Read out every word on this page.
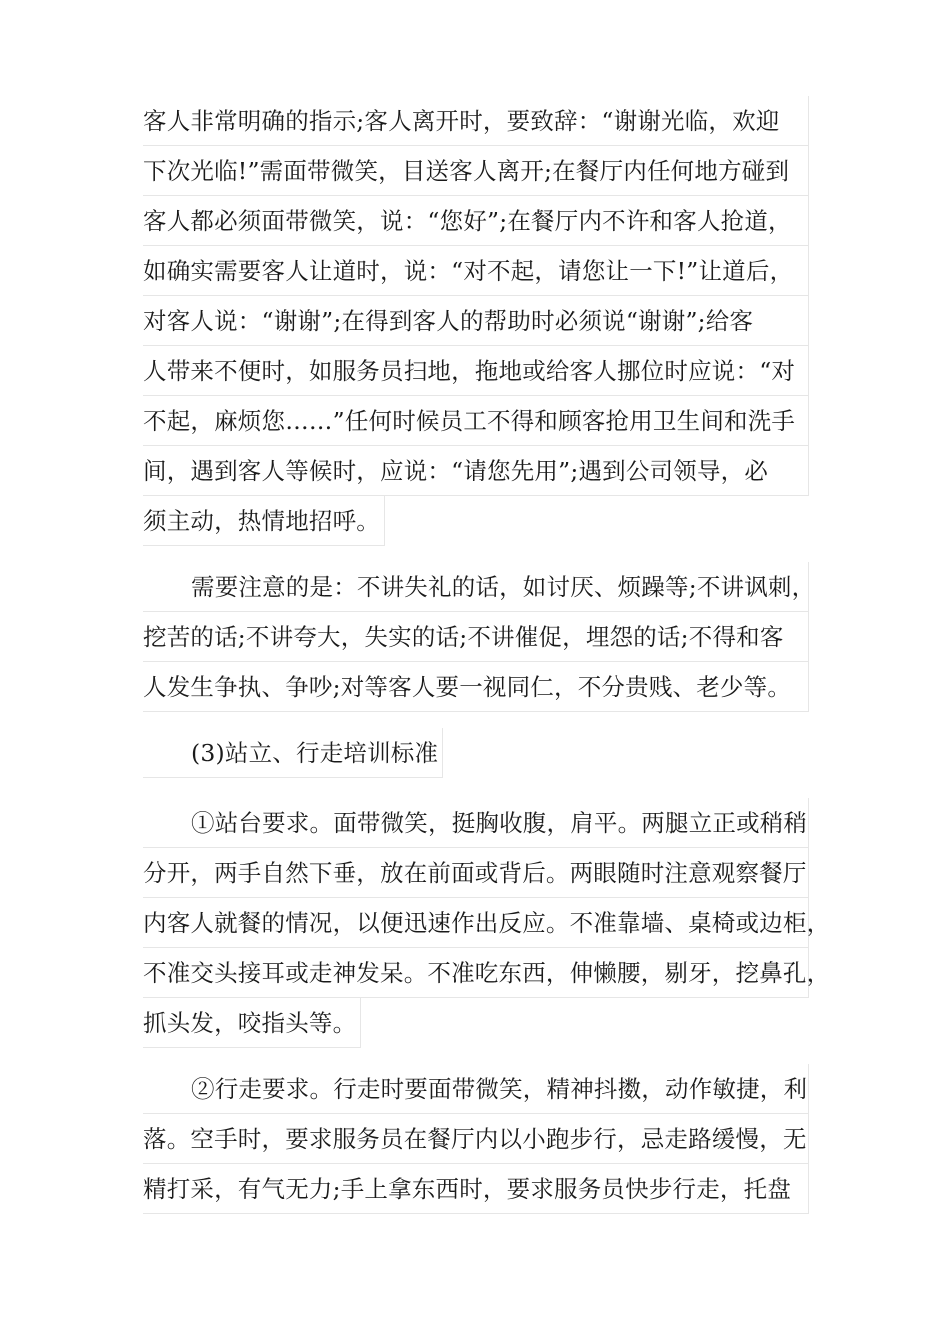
客人非常明确的指示;客人离开时，要致辞：“谢谢光临，欢迎
下次光临!”需面带微笑，目送客人离开;在餐厅内任何地方碰到
客人都必须面带微笑，说：“您好”;在餐厅内不许和客人抢道，
如确实需要客人让道时，说：“对不起，请您让一下!”让道后，
对客人说：“谢谢”;在得到客人的帮助时必须说“谢谢”;给客
人带来不便时，如服务员扫地，拖地或给客人挪位时应说：“对
不起，麻烦您……”任何时候员工不得和顾客抢用卫生间和洗手
间，遇到客人等候时，应说：“请您先用”;遇到公司领导，必
须主动，热情地招呼。
需要注意的是：不讲失礼的话，如讨厌、烦躁等;不讲讽刺，
挖苦的话;不讲夸大，失实的话;不讲催促，埋怨的话;不得和客
人发生争执、争吵;对等客人要一视同仁，不分贵贱、老少等。
(3)站立、行走培训标准
①站台要求。面带微笑，挺胸收腹，肩平。两腿立正或稍稍
分开，两手自然下垂，放在前面或背后。两眼随时注意观察餐厅
内客人就餐的情况，以便迅速作出反应。不准靠墙、桌椅或边柜，
不准交头接耳或走神发呆。不准吃东西，伸懒腰，剔牙，挖鼻孔，
抓头发，咬指头等。
②行走要求。行走时要面带微笑，精神抖擞，动作敏捷，利
落。空手时，要求服务员在餐厅内以小跑步行，忌走路缓慢，无
精打采，有气无力;手上拿东西时，要求服务员快步行走，托盘
